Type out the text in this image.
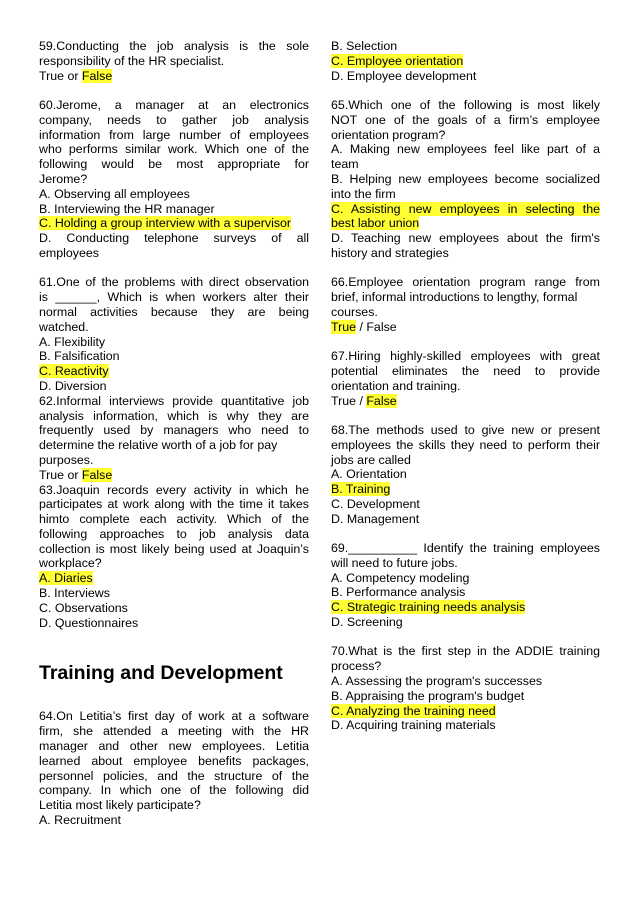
59.Conducting the job analysis is the sole
responsibility of the HR specialist.
True or False
60.Jerome, a manager at an electronics
company, needs to gather job analysis
information from large number of employees
who performs similar work. Which one of the
following would be most appropriate for
Jerome?
A. Observing all employees
B. Interviewing the HR manager
C. Holding a group interview with a supervisor
D. Conducting telephone surveys of all
employees
61.One of the problems with direct observation
is ______, Which is when workers alter their
normal activities because they are being
watched.
A. Flexibility
B. Falsification
C. Reactivity
D. Diversion
62.Informal interviews provide quantitative job
analysis information, which is why they are
frequently used by managers who need to
determine the relative worth of a job for pay
purposes.
True or False
63.Joaquin records every activity in which he
participates at work along with the time it takes
himto complete each activity. Which of the
following approaches to job analysis data
collection is most likely being used at Joaquin’s
workplace?
A. Diaries
B. Interviews
C. Observations
D. Questionnaires
Training and Development
64.On Letitia’s first day of work at a software
firm, she attended a meeting with the HR
manager and other new employees. Letitia
learned about employee benefits packages,
personnel policies, and the structure of the
company. In which one of the following did
Letitia most likely participate?
A. Recruitment
B. Selection
C. Employee orientation
D. Employee development
65.Which one of the following is most likely
NOT one of the goals of a firm’s employee
orientation program?
A. Making new employees feel like part of a
team
B. Helping new employees become socialized
into the firm
C. Assisting new employees in selecting the
best labor union
D. Teaching new employees about the firm's
history and strategies
66.Employee orientation program range from
brief, informal introductions to lengthy, formal
courses.
True / False
67.Hiring highly-skilled employees with great
potential eliminates the need to provide
orientation and training.
True / False
68.The methods used to give new or present
employees the skills they need to perform their
jobs are called
A. Orientation
B. Training
C. Development
D. Management
69.__________ Identify the training employees
will need to future jobs.
A. Competency modeling
B. Performance analysis
C. Strategic training needs analysis
D. Screening
70.What is the first step in the ADDIE training
process?
A. Assessing the program's successes
B. Appraising the program's budget
C. Analyzing the training need
D. Acquiring training materials
